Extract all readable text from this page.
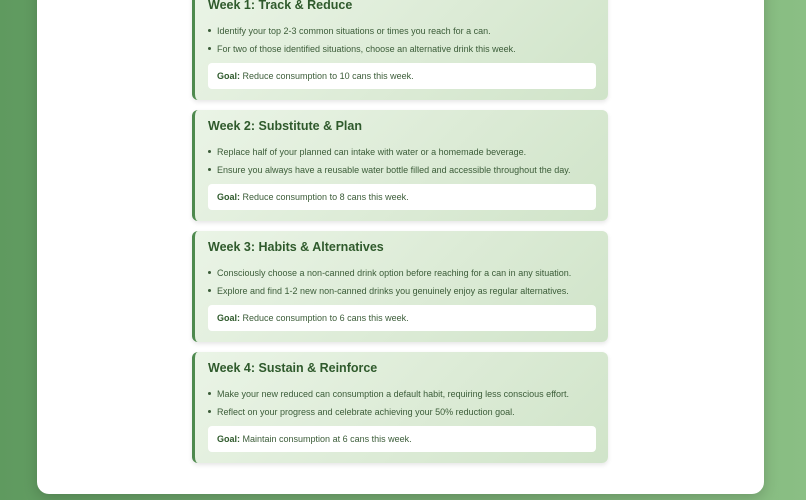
Week 1: Track & Reduce
Identify your top 2-3 common situations or times you reach for a can.
For two of those identified situations, choose an alternative drink this week.
Goal: Reduce consumption to 10 cans this week.
Week 2: Substitute & Plan
Replace half of your planned can intake with water or a homemade beverage.
Ensure you always have a reusable water bottle filled and accessible throughout the day.
Goal: Reduce consumption to 8 cans this week.
Week 3: Habits & Alternatives
Consciously choose a non-canned drink option before reaching for a can in any situation.
Explore and find 1-2 new non-canned drinks you genuinely enjoy as regular alternatives.
Goal: Reduce consumption to 6 cans this week.
Week 4: Sustain & Reinforce
Make your new reduced can consumption a default habit, requiring less conscious effort.
Reflect on your progress and celebrate achieving your 50% reduction goal.
Goal: Maintain consumption at 6 cans this week.
